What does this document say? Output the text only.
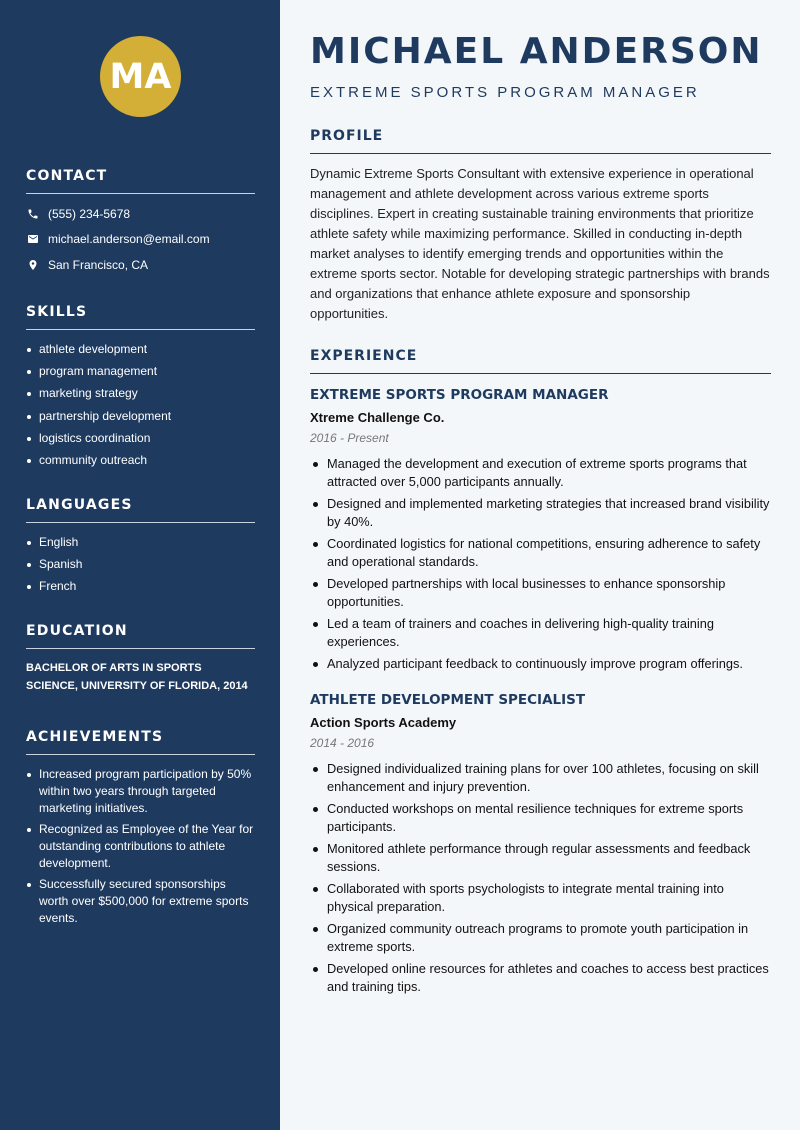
MA
CONTACT
(555) 234-5678
michael.anderson@email.com
San Francisco, CA
SKILLS
athlete development
program management
marketing strategy
partnership development
logistics coordination
community outreach
LANGUAGES
English
Spanish
French
EDUCATION

BACHELOR OF ARTS IN SPORTS SCIENCE, UNIVERSITY OF FLORIDA, 2014

ACHIEVEMENTS
Increased program participation by 50% within two years through targeted marketing initiatives.
Recognized as Employee of the Year for outstanding contributions to athlete development.
Successfully secured sponsorships worth over $500,000 for extreme sports events.
MICHAEL ANDERSON
EXTREME SPORTS PROGRAM MANAGER
PROFILE

Dynamic Extreme Sports Consultant with extensive experience in operational management and athlete development across various extreme sports disciplines. Expert in creating sustainable training environments that prioritize athlete safety while maximizing performance. Skilled in conducting in-depth market analyses to identify emerging trends and opportunities within the extreme sports sector. Notable for developing strategic partnerships with brands and organizations that enhance athlete exposure and sponsorship opportunities.

EXPERIENCE
EXTREME SPORTS PROGRAM MANAGER
Xtreme Challenge Co.
2016 - Present
Managed the development and execution of extreme sports programs that attracted over 5,000 participants annually.
Designed and implemented marketing strategies that increased brand visibility by 40%.
Coordinated logistics for national competitions, ensuring adherence to safety and operational standards.
Developed partnerships with local businesses to enhance sponsorship opportunities.
Led a team of trainers and coaches in delivering high-quality training experiences.
Analyzed participant feedback to continuously improve program offerings.
ATHLETE DEVELOPMENT SPECIALIST
Action Sports Academy
2014 - 2016
Designed individualized training plans for over 100 athletes, focusing on skill enhancement and injury prevention.
Conducted workshops on mental resilience techniques for extreme sports participants.
Monitored athlete performance through regular assessments and feedback sessions.
Collaborated with sports psychologists to integrate mental training into physical preparation.
Organized community outreach programs to promote youth participation in extreme sports.
Developed online resources for athletes and coaches to access best practices and training tips.
